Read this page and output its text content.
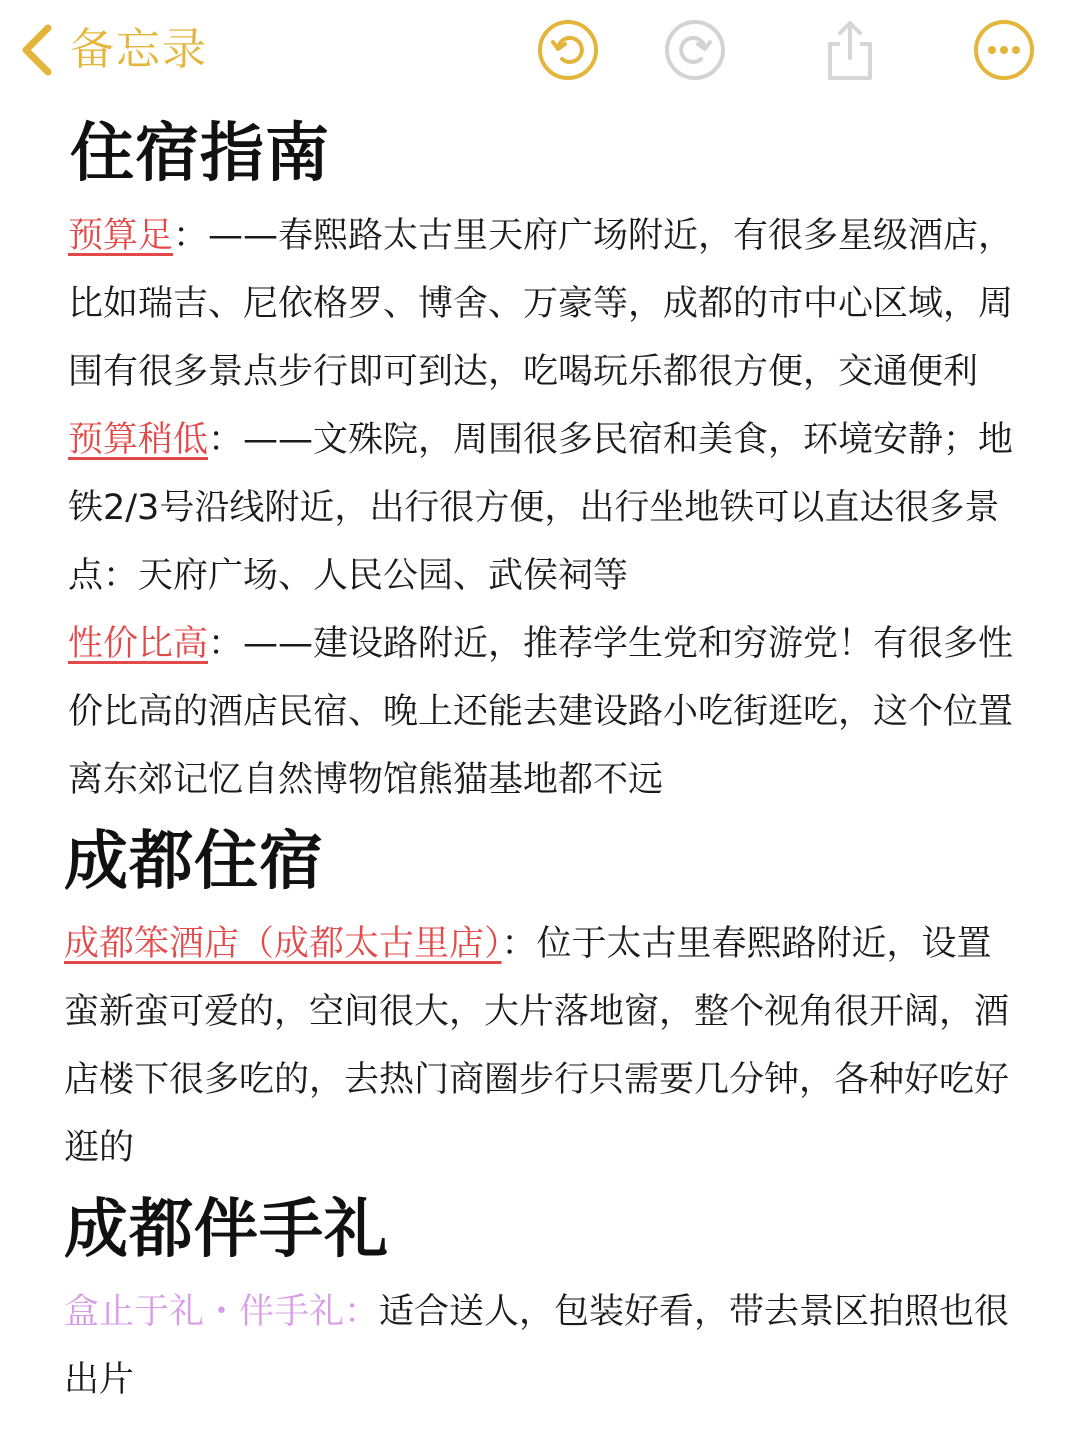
备忘录
住宿指南

预算足：——春熙路太古里天府广场附近，有很多星级酒店，比如瑞吉、尼依格罗、博舍、万豪等，成都的市中心区域，周围有很多景点步行即可到达，吃喝玩乐都很方便，交通便利

预算稍低：——文殊院，周围很多民宿和美食，环境安静；地铁2/3号沿线附近，出行很方便，出行坐地铁可以直达很多景点：天府广场、人民公园、武侯祠等

性价比高：——建设路附近，推荐学生党和穷游党！有很多性价比高的酒店民宿、晚上还能去建设路小吃街逛吃，这个位置离东郊记忆自然博物馆熊猫基地都不远

成都住宿

成都笨酒店（成都太古里店）：位于太古里春熙路附近，设置蛮新蛮可爱的，空间很大，大片落地窗，整个视角很开阔，酒店楼下很多吃的，去热门商圈步行只需要几分钟，各种好吃好逛的

成都伴手礼

盒止于礼・伴手礼：适合送人，包装好看，带去景区拍照也很出片
